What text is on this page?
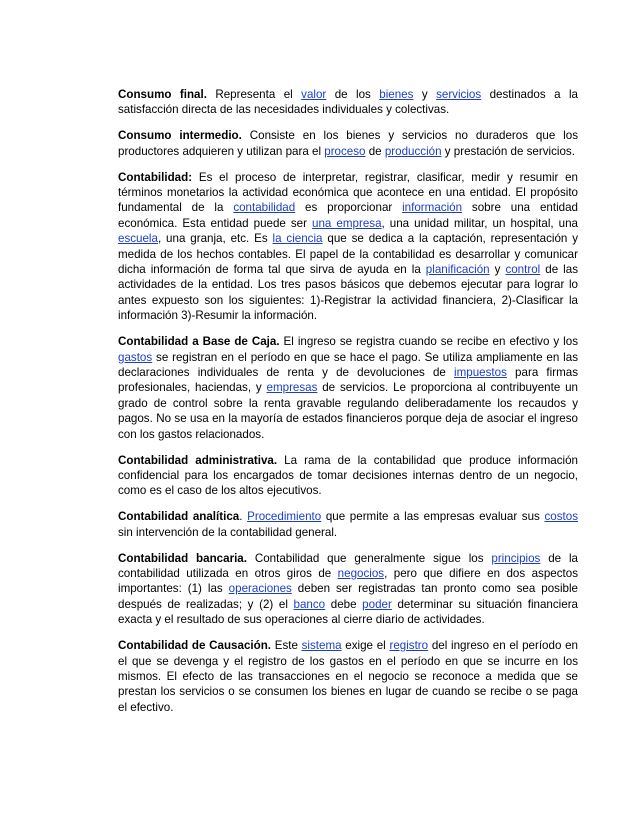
Consumo final. Representa el valor de los bienes y servicios destinados a la satisfacción directa de las necesidades individuales y colectivas.

Consumo intermedio. Consiste en los bienes y servicios no duraderos que los productores adquieren y utilizan para el proceso de producción y prestación de servicios.

Contabilidad: Es el proceso de interpretar, registrar, clasificar, medir y resumir en términos monetarios la actividad económica que acontece en una entidad. El propósito fundamental de la contabilidad es proporcionar información sobre una entidad económica. Esta entidad puede ser una empresa, una unidad militar, un hospital, una escuela, una granja, etc. Es la ciencia que se dedica a la captación, representación y medida de los hechos contables. El papel de la contabilidad es desarrollar y comunicar dicha información de forma tal que sirva de ayuda en la planificación y control de las actividades de la entidad. Los tres pasos básicos que debemos ejecutar para lograr lo antes expuesto son los siguientes: 1)-Registrar la actividad financiera, 2)-Clasificar la información 3)-Resumir la información.

Contabilidad a Base de Caja. El ingreso se registra cuando se recibe en efectivo y los gastos se registran en el período en que se hace el pago. Se utiliza ampliamente en las declaraciones individuales de renta y de devoluciones de impuestos para firmas profesionales, haciendas, y empresas de servicios. Le proporciona al contribuyente un grado de control sobre la renta gravable regulando deliberadamente los recaudos y pagos. No se usa en la mayoría de estados financieros porque deja de asociar el ingreso con los gastos relacionados.

Contabilidad administrativa. La rama de la contabilidad que produce información confidencial para los encargados de tomar decisiones internas dentro de un negocio, como es el caso de los altos ejecutivos.

Contabilidad analítica. Procedimiento que permite a las empresas evaluar sus costos sin intervención de la contabilidad general.

Contabilidad bancaria. Contabilidad que generalmente sigue los principios de la contabilidad utilizada en otros giros de negocios, pero que difiere en dos aspectos importantes: (1) las operaciones deben ser registradas tan pronto como sea posible después de realizadas; y (2) el banco debe poder determinar su situación financiera exacta y el resultado de sus operaciones al cierre diario de actividades.

Contabilidad de Causación. Este sistema exige el registro del ingreso en el período en el que se devenga y el registro de los gastos en el período en que se incurre en los mismos. El efecto de las transacciones en el negocio se reconoce a medida que se prestan los servicios o se consumen los bienes en lugar de cuando se recibe o se paga el efectivo.
